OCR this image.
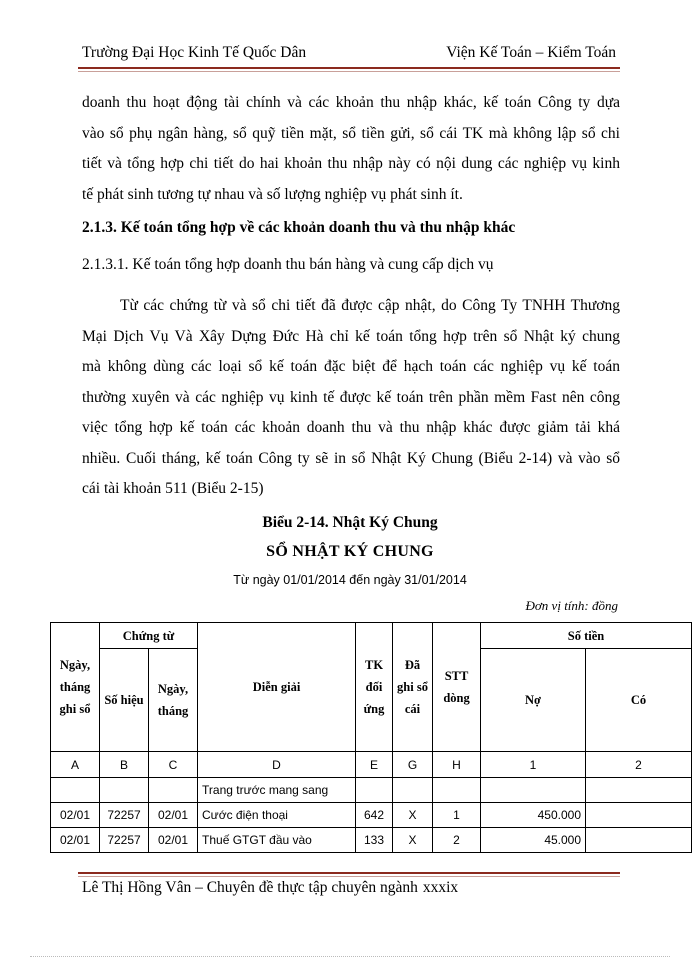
Trường Đại Học Kinh Tế Quốc Dân	Viện Kế Toán – Kiểm Toán
doanh thu hoạt động tài chính và các khoản thu nhập khác, kế toán Công ty dựa
vào sổ phụ ngân hàng, sổ quỹ tiền mặt, sổ tiền gửi, sổ cái TK mà không lập sổ chi
tiết và tổng hợp chi tiết do hai khoản thu nhập này có nội dung các nghiệp vụ kinh
tế phát sinh tương tự nhau và số lượng nghiệp vụ phát sinh ít.
2.1.3. Kế toán tổng hợp về các khoản doanh thu và thu nhập khác
2.1.3.1. Kế toán tổng hợp doanh thu bán hàng và cung cấp dịch vụ
Từ các chứng từ và sổ chi tiết đã được cập nhật, do Công Ty TNHH Thương
Mại Dịch Vụ Và Xây Dựng Đức Hà chỉ kế toán tổng hợp trên sổ Nhật ký chung
mà không dùng các loại sổ kế toán đặc biệt để hạch toán các nghiệp vụ kế toán
thường xuyên và các nghiệp vụ kinh tế được kế toán trên phần mềm Fast nên công
việc tổng hợp kế toán các khoản doanh thu và thu nhập khác được giảm tải khá
nhiều. Cuối tháng, kế toán Công ty sẽ in sổ Nhật Ký Chung (Biểu 2-14) và vào sổ
cái tài khoản 511 (Biểu 2-15)
Biểu 2-14. Nhật Ký Chung
SỔ NHẬT KÝ CHUNG
Từ ngày 01/01/2014 đến ngày 31/01/2014
Đơn vị tính: đồng
Ngày, tháng ghi sổ	Chứng từ		Diễn giải	TK đối ứng	Đã ghi sổ cái	STT dòng	Số tiền	
	Số hiệu	Ngày, tháng					Nợ	Có
A	B	C	D	E	G	H	1	2
			Trang trước mang sang					
02/01	72257	02/01	Cước điện thoại	642	X	1	450.000	
02/01	72257	02/01	Thuế GTGT đầu vào	133	X	2	45.000	
Lê Thị Hồng Vân – Chuyên đề thực tập chuyên ngành xxxix
